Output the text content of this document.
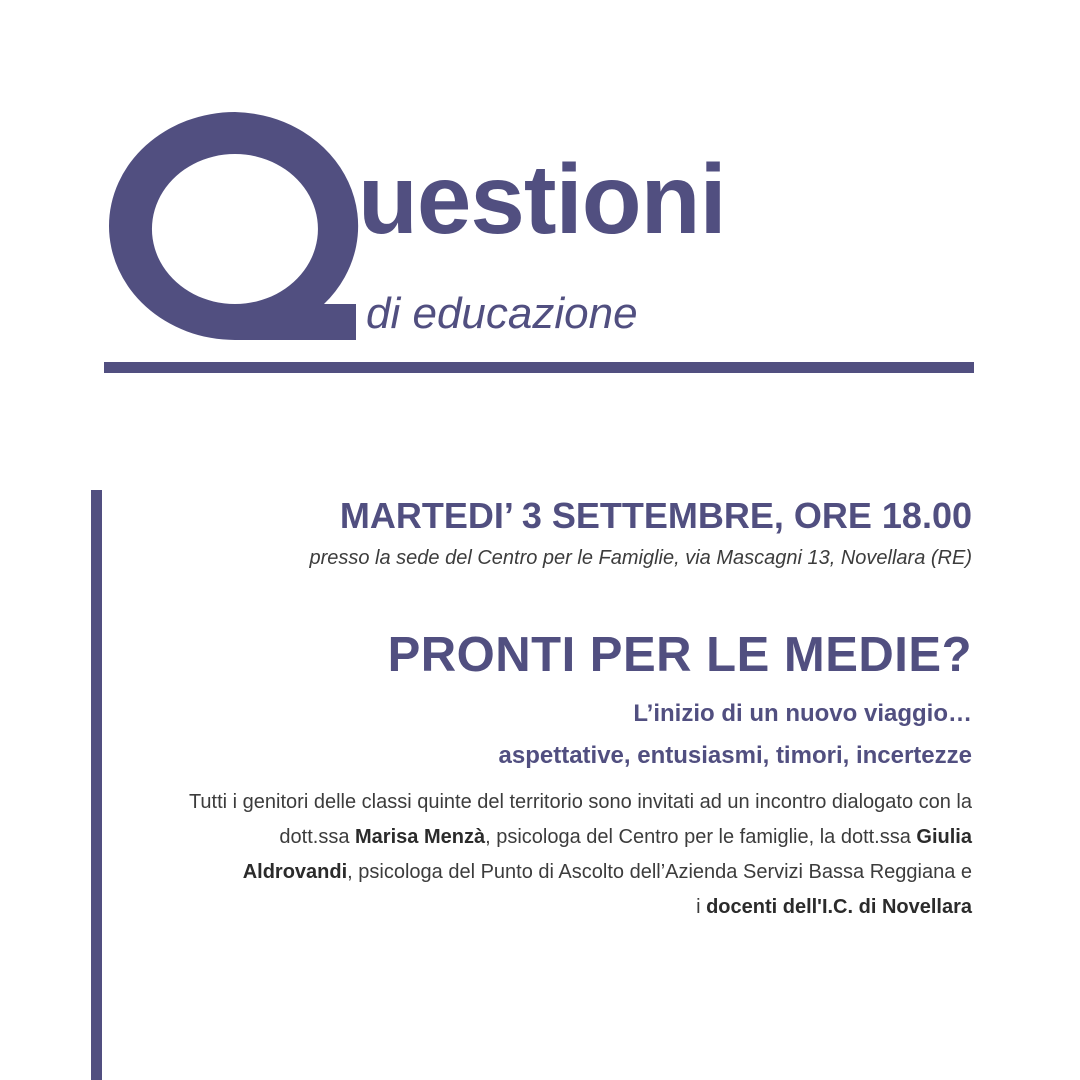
uestioni
di educazione
MARTEDI’ 3 SETTEMBRE, ORE 18.00
presso la sede del Centro per le Famiglie, via Mascagni 13, Novellara (RE)
PRONTI PER LE MEDIE?
L’inizio di un nuovo viaggio…
aspettative, entusiasmi, timori, incertezze
Tutti i genitori delle classi quinte del territorio sono invitati ad un incontro dialogato con la dott.ssa Marisa Menzà, psicologa del Centro per le famiglie, la dott.ssa Giulia Aldrovandi, psicologa del Punto di Ascolto dell’Azienda Servizi Bassa Reggiana e
i docenti dell'I.C. di Novellara
